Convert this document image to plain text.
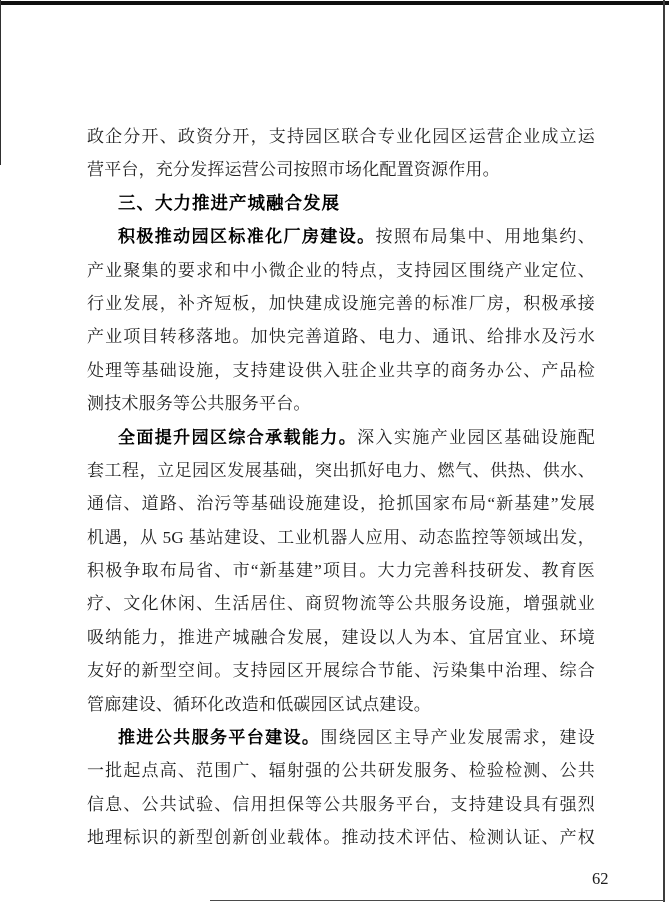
政企分开、政资分开，支持园区联合专业化园区运营企业成立运
营平台，充分发挥运营公司按照市场化配置资源作用。
三、大力推进产城融合发展
积极推动园区标准化厂房建设。按照布局集中、用地集约、
产业聚集的要求和中小微企业的特点，支持园区围绕产业定位、
行业发展，补齐短板，加快建成设施完善的标准厂房，积极承接
产业项目转移落地。加快完善道路、电力、通讯、给排水及污水
处理等基础设施，支持建设供入驻企业共享的商务办公、产品检
测技术服务等公共服务平台。
全面提升园区综合承载能力。深入实施产业园区基础设施配
套工程，立足园区发展基础，突出抓好电力、燃气、供热、供水、
通信、道路、治污等基础设施建设，抢抓国家布局“新基建”发展
机遇，从 5G 基站建设、工业机器人应用、动态监控等领域出发，
积极争取布局省、市“新基建”项目。大力完善科技研发、教育医
疗、文化休闲、生活居住、商贸物流等公共服务设施，增强就业
吸纳能力，推进产城融合发展，建设以人为本、宜居宜业、环境
友好的新型空间。支持园区开展综合节能、污染集中治理、综合
管廊建设、循环化改造和低碳园区试点建设。
推进公共服务平台建设。围绕园区主导产业发展需求，建设
一批起点高、范围广、辐射强的公共研发服务、检验检测、公共
信息、公共试验、信用担保等公共服务平台，支持建设具有强烈
地理标识的新型创新创业载体。推动技术评估、检测认证、产权
62
